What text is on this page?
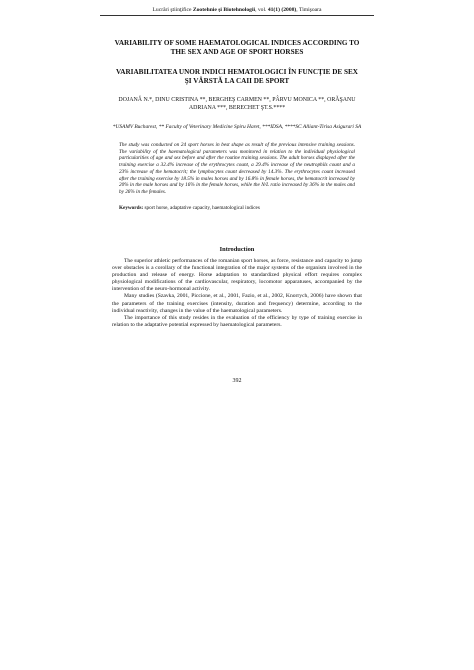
Lucrări ştiinţifice Zootehnie şi Biotehnologii, vol. 41(1) (2008), Timişoara
VARIABILITY OF SOME HAEMATOLOGICAL INDICES ACCORDING TO THE SEX AND AGE OF SPORT HORSES
VARIABILITATEA UNOR INDICI HEMATOLOGICI ÎN FUNCŢIE DE SEX ŞI VÂRSTĂ LA CAII DE SPORT
DOJANĂ N.*, DINU CRISTINA **, BERGHEŞ CARMEN **, PÂRVU MONICA **, ORĂŞANU ADRIANA ***, BERECHET ŞT.S.****
*USAMV Bucharest, ** Faculty of Veterinary Medicine Spiru Haret, ***IDSA, ****SC Alliant-Tirisa Asigurari SA
The study was conducted on 24 sport horses in best shape as result of the previous intensive training sessions. The variability of the haematological parameters was monitored in relation to the individual physiological particularities of age and sex before and after the routine training sessions. The adult horses displayed after the training exercise a 32.4% increase of the erythrocytes count, a 29.4% increase of the neutrophils count and a 23% increase of the hematocrit; the lymphocytes count decreased by 14.3%. The erythrocytes count increased after the training exercise by 18.5% in males horses and by 16.8% in female horses, the hematocrit increased by 20% in the male horses and by 16% in the female horses, while the N/L ratio increased by 36% in the males and by 26% in the females.
Keywords: sport horse, adaptative capacity, haematological indices
Introduction

The superior athletic performances of the romanian sport horses, as force, resistance and capacity to jump over obstacles is a corollary of the functional integration of the major systems of the organism involved in the production and release of energy. Horse adaptation to standardized physical effort requires complex physiological modifications of the cardiovascular, respiratory, locomotor apparatuses, accompanied by the intervention of the neuro-hormonal activity.

Many studies (Szavka, 2001, Piccione, et al., 2001, Fazio, et al., 2002, Knorrych, 2006) have shown that the parameters of the training exercises (intensity, duration and frequency) determine, according to the individual reactivity, changes in the value of the haematological parameters.

The importance of this study resides in the evaluation of the efficiency by type of training exercise in relation to the adaptative potential expressed by haematological parameters.

392
